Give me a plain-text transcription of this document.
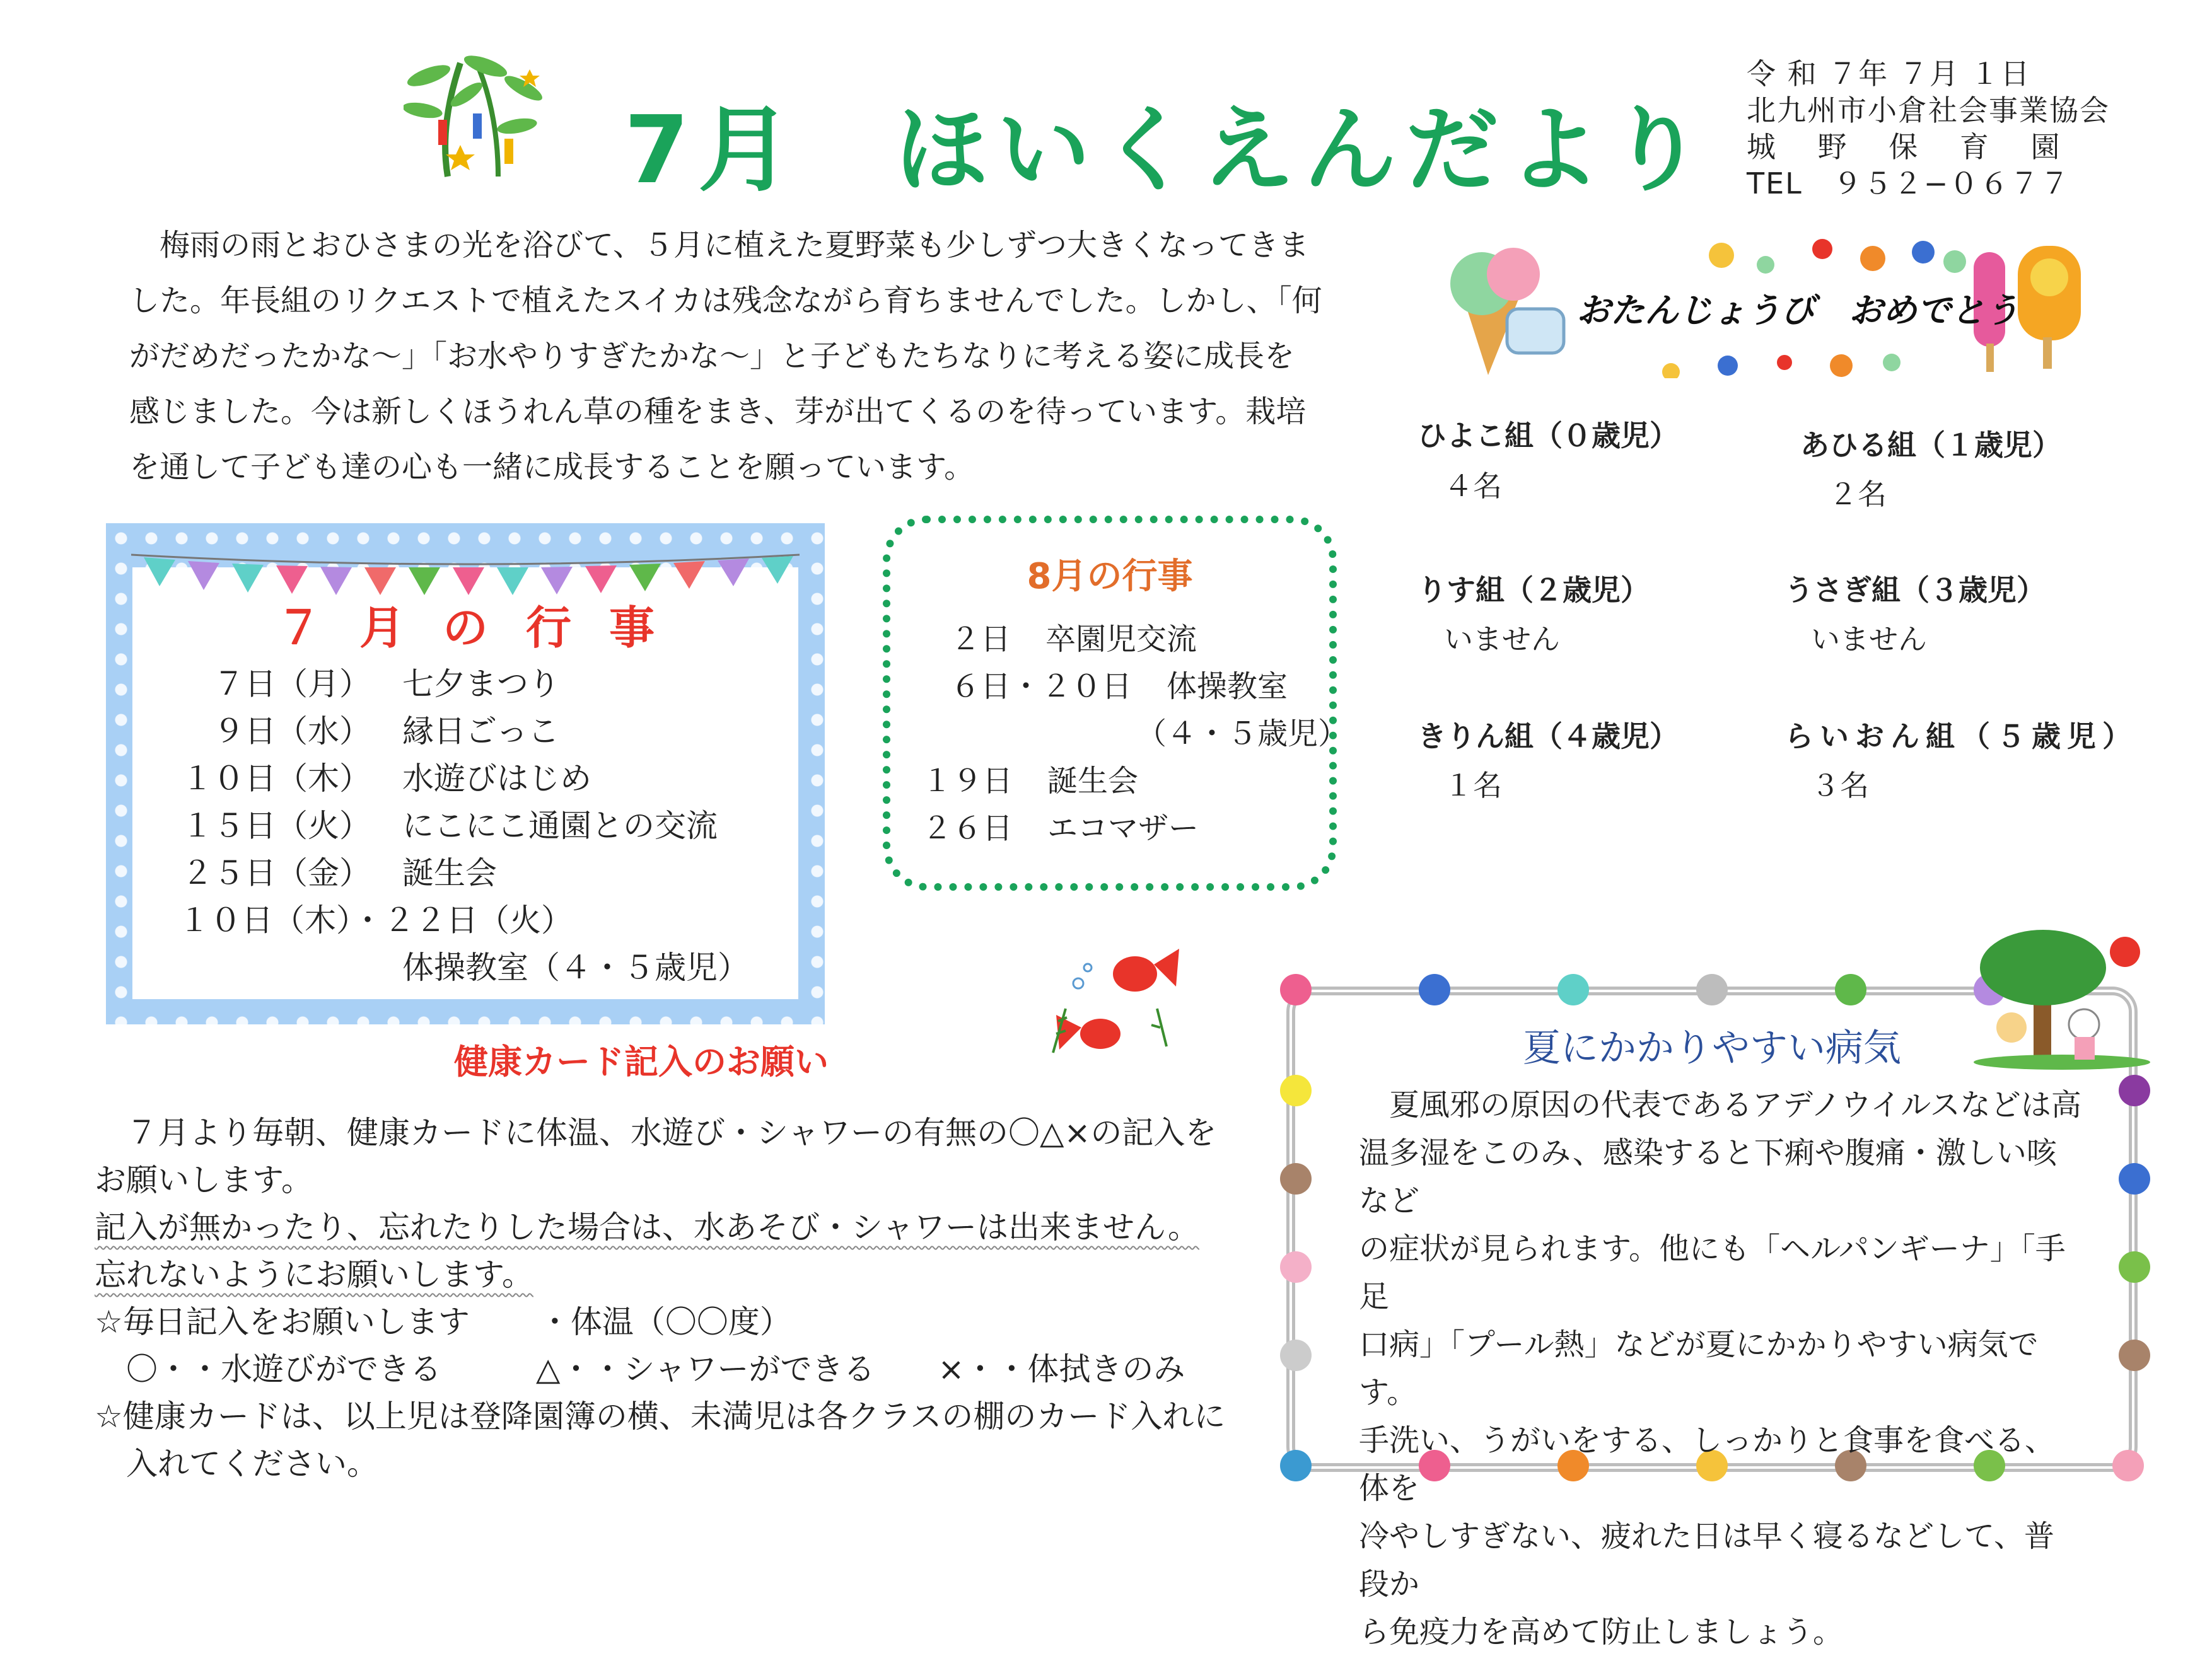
7月 ほいくえんだより
令 和 ７年 ７月 １日
北九州市小倉社会事業協会
城　 野 　保 　育 　園
TEL　９５２−０６７７

　梅雨の雨とおひさまの光を浴びて、５月に植えた夏野菜も少しずつ大きくなってきま

した。年長組のリクエストで植えたスイカは残念ながら育ちませんでした。しかし、「何

がだめだったかな～」「お水やりすぎたかな～」と子どもたちなりに考える姿に成長を

感じました。今は新しくほうれん草の種をまき、芽が出てくるのを待っています。栽培

を通して子ども達の心も一緒に成長することを願っています。

７月の行事
７日（月） 七夕まつり
９日（水） 縁日ごっこ
１０日（木） 水遊びはじめ
１５日（火） にこにこ通園との交流
２５日（金） 誕生会
１０日（木）・２２日（火）
体操教室（４・５歳児）
8月の行事
２日 卒園児交流
６日・２０日 体操教室
（４・５歳児）
１９日 誕生会
２６日 エコマザー
おたんじょうび　おめでとう
ひよこ組（０歳児）
４名
あひる組（１歳児）
２名
りす組（２歳児）
いません
うさぎ組（３歳児）
いません
きりん組（４歳児）
１名
らいおん組（５歳児）
３名
健康カード記入のお願い

　７月より毎朝、健康カードに体温、水遊び・シャワーの有無の〇△×の記入を

お願いします。

記入が無かったり、忘れたりした場合は、水あそび・シャワーは出来ません。

忘れないようにお願いします。

☆毎日記入をお願いします ・体温（〇〇度）

　〇・・水遊びができる	△・・シャワーができる ×・・体拭きのみ

☆健康カードは、以上児は登降園簿の横、未満児は各クラスの棚のカード入れに

　入れてください。

夏にかかりやすい病気

　夏風邪の原因の代表であるアデノウイルスなどは高

温多湿をこのみ、感染すると下痢や腹痛・激しい咳など

の症状が見られます。他にも「ヘルパンギーナ」「手足

口病」「プール熱」などが夏にかかりやすい病気です。

手洗い、うがいをする、しっかりと食事を食べる、体を

冷やしすぎない、疲れた日は早く寝るなどして、普段か

ら免疫力を高めて防止しましょう。
